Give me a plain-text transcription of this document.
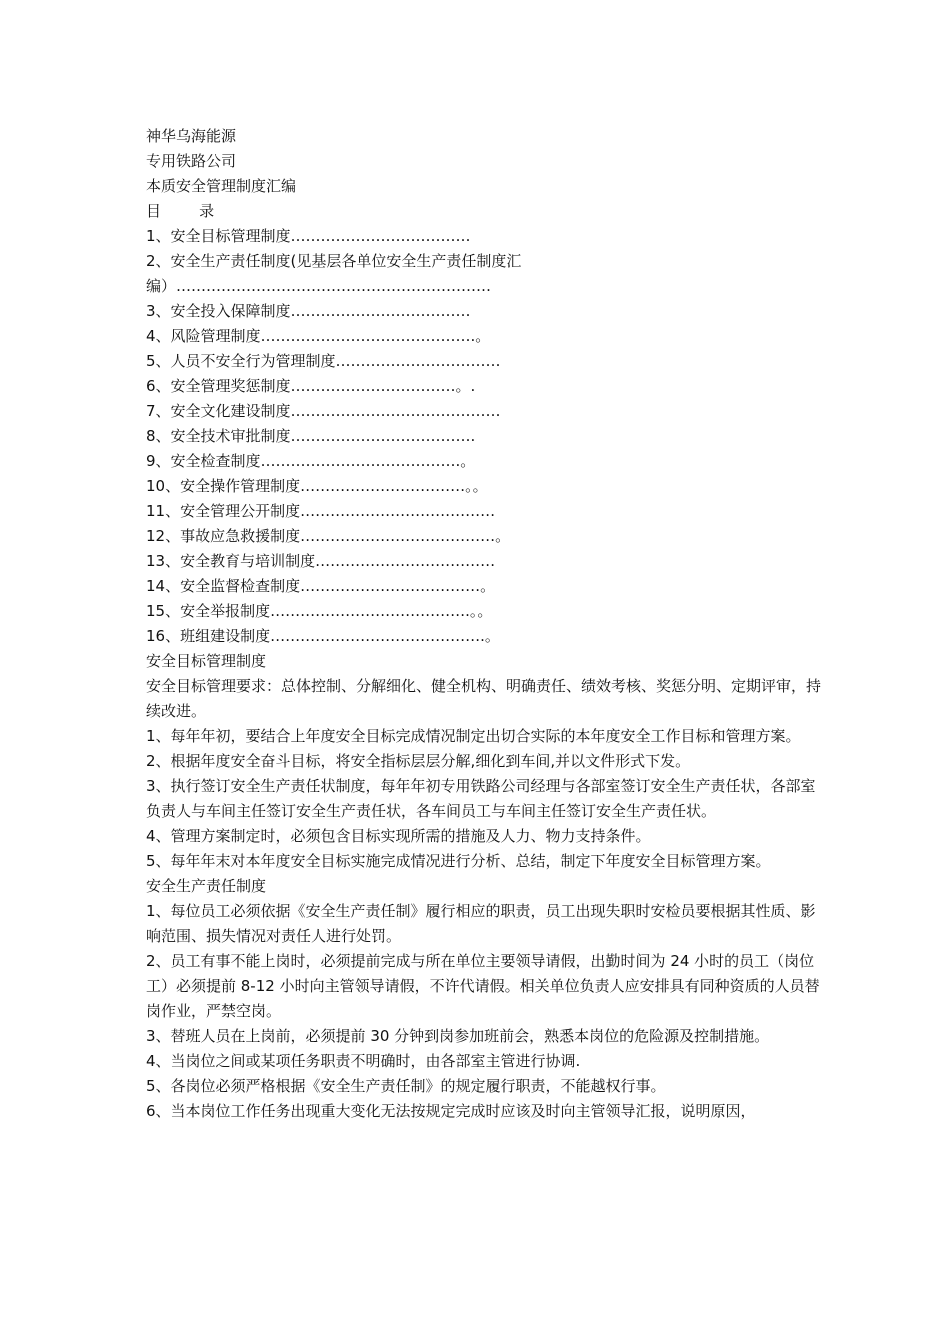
神华乌海能源

专用铁路公司

本质安全管理制度汇编

目        录

1、安全目标管理制度………………………………

2、安全生产责任制度(见基层各单位安全生产责任制度汇编）………………………………………………………

3、安全投入保障制度………………………………

4、风险管理制度…………………………………….。

5、人员不安全行为管理制度……………………………

6、安全管理奖惩制度……………………………。.

7、安全文化建设制度……………………………………

8、安全技术审批制度……………………………….

9、安全检查制度………………………………….。

10、安全操作管理制度……………………………。。

11、安全管理公开制度…………………………………

12、事故应急救援制度…………………………………。

13、安全教育与培训制度………………………………

14、安全监督检查制度………………………………。

15、安全举报制度………………………………….。。

16、班组建设制度…………………………………….。

安全目标管理制度

安全目标管理要求：总体控制、分解细化、健全机构、明确责任、绩效考核、奖惩分明、定期评审，持续改进。

1、每年年初，要结合上年度安全目标完成情况制定出切合实际的本年度安全工作目标和管理方案。

2、根据年度安全奋斗目标，将安全指标层层分解,细化到车间,并以文件形式下发。

3、执行签订安全生产责任状制度，每年年初专用铁路公司经理与各部室签订安全生产责任状，各部室负责人与车间主任签订安全生产责任状，各车间员工与车间主任签订安全生产责任状。

4、管理方案制定时，必须包含目标实现所需的措施及人力、物力支持条件。

5、每年年末对本年度安全目标实施完成情况进行分析、总结，制定下年度安全目标管理方案。

安全生产责任制度

1、每位员工必须依据《安全生产责任制》履行相应的职责，员工出现失职时安检员要根据其性质、影响范围、损失情况对责任人进行处罚。

2、员工有事不能上岗时，必须提前完成与所在单位主要领导请假，出勤时间为 24 小时的员工（岗位工）必须提前 8-12 小时向主管领导请假，不许代请假。相关单位负责人应安排具有同种资质的人员替岗作业，严禁空岗。

3、替班人员在上岗前，必须提前 30 分钟到岗参加班前会，熟悉本岗位的危险源及控制措施。

4、当岗位之间或某项任务职责不明确时，由各部室主管进行协调.

5、各岗位必须严格根据《安全生产责任制》的规定履行职责，不能越权行事。

6、当本岗位工作任务出现重大变化无法按规定完成时应该及时向主管领导汇报，说明原因，
